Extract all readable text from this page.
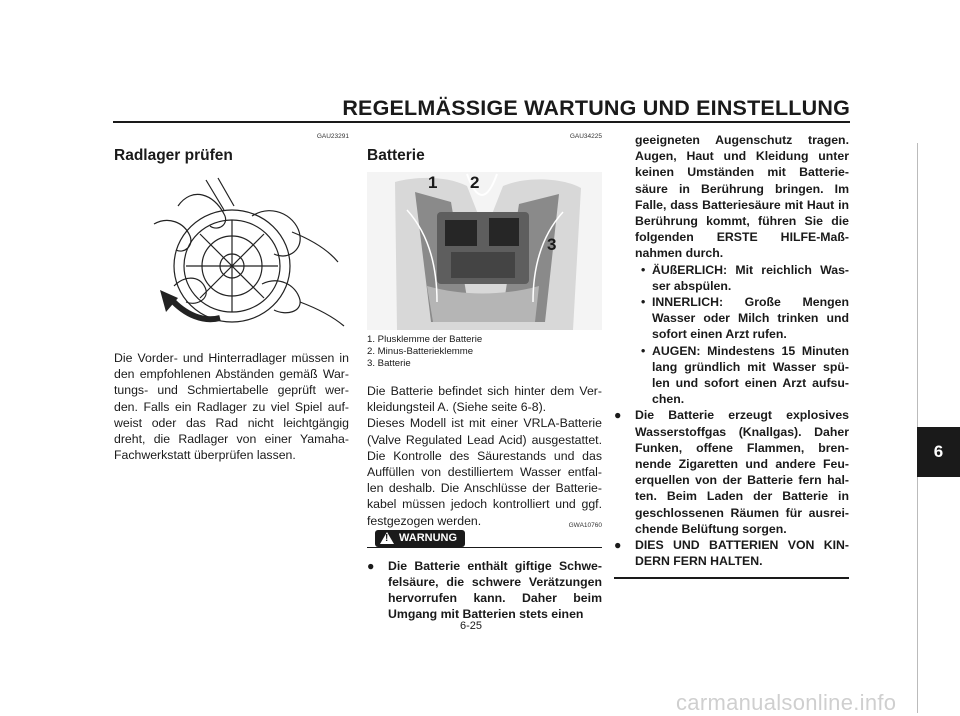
REGELMÄSSIGE WARTUNG UND EINSTELLUNG
GAU23291
Radlager prüfen

Die Vorder- und Hinterradlager müssen in den empfohlenen Abständen gemäß War-tungs- und Schmiertabelle geprüft wer-den. Falls ein Radlager zu viel Spiel auf-weist oder das Rad nicht leichtgängig dreht, die Radlager von einer Yamaha-Fachwerkstatt überprüfen lassen.

GAU34225
Batterie
1 2
3
1. Plusklemme der Batterie
2. Minus-Batterieklemme
3. Batterie

Die Batterie befindet sich hinter dem Ver-kleidungsteil A. (Siehe seite 6-8).

Dieses Modell ist mit einer VRLA-Batterie (Valve Regulated Lead Acid) ausgestattet. Die Kontrolle des Säurestands und das Auffüllen von destilliertem Wasser entfal-len deshalb. Die Anschlüsse der Batterie-kabel müssen jedoch kontrolliert und ggf. festgezogen werden.	GWA10760
! WARNUNG
● Die Batterie enthält giftige Schwe-felsäure, die schwere Verätzungen hervorrufen kann. Daher beim Umgang mit Batterien stets einen
geeigneten Augenschutz tragen. Augen, Haut und Kleidung unter keinen Umständen mit Batterie-säure in Berührung bringen. Im Falle, dass Batteriesäure mit Haut in Berührung kommt, führen Sie die folgenden ERSTE HILFE-Maß-nahmen durch.
• ÄUßERLICH: Mit reichlich Was-ser abspülen.
• INNERLICH: Große Mengen Wasser oder Milch trinken und sofort einen Arzt rufen.
• AUGEN: Mindestens 15 Minuten lang gründlich mit Wasser spü-len und sofort einen Arzt aufsu-chen.
● Die Batterie erzeugt explosives Wasserstoffgas (Knallgas). Daher Funken, offene Flammen, bren-nende Zigaretten und andere Feu-erquellen von der Batterie fern hal-ten. Beim Laden der Batterie in geschlossenen Räumen für ausrei-chende Belüftung sorgen.
● DIES UND BATTERIEN VON KIN-DERN FERN HALTEN.
6
6-25
carmanualsonline.info
